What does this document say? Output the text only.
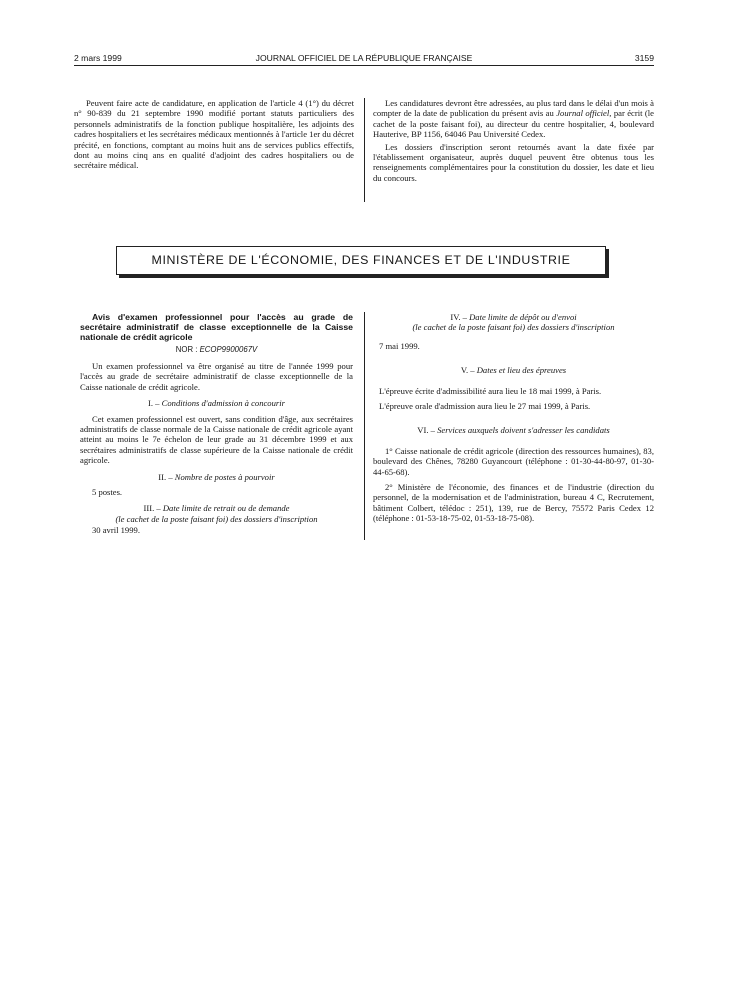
2 mars 1999	JOURNAL OFFICIEL DE LA RÉPUBLIQUE FRANÇAISE	3159

Peuvent faire acte de candidature, en application de l'article 4 (1°) du décret n° 90-839 du 21 septembre 1990 modifié portant statuts particuliers des personnels administratifs de la fonction publique hospitalière, les adjoints des cadres hospitaliers et les secrétaires médicaux mentionnés à l'article 1er du décret précité, en fonctions, comptant au moins huit ans de services publics effectifs, dont au moins cinq ans en qualité d'adjoint des cadres hospitaliers ou de secrétaire médical.

Les candidatures devront être adressées, au plus tard dans le délai d'un mois à compter de la date de publication du présent avis au Journal officiel, par écrit (le cachet de la poste faisant foi), au directeur du centre hospitalier, 4, boulevard Hauterive, BP 1156, 64046 Pau Université Cedex.

Les dossiers d'inscription seront retournés avant la date fixée par l'établissement organisateur, auprès duquel peuvent être obtenus tous les renseignements complémentaires pour la constitution du dossier, les date et lieu du concours.

MINISTÈRE DE L'ÉCONOMIE, DES FINANCES ET DE L'INDUSTRIE

Avis d'examen professionnel pour l'accès au grade de secrétaire administratif de classe exceptionnelle de la Caisse nationale de crédit agricole

NOR : ECOP9900067V

Un examen professionnel va être organisé au titre de l'année 1999 pour l'accès au grade de secrétaire administratif de classe exceptionnelle de la Caisse nationale de crédit agricole.

I. – Conditions d'admission à concourir

Cet examen professionnel est ouvert, sans condition d'âge, aux secrétaires administratifs de classe normale de la Caisse nationale de crédit agricole ayant atteint au moins le 7e échelon de leur grade au 31 décembre 1999 et aux secrétaires administratifs de classe supérieure de la Caisse nationale de crédit agricole.

II. – Nombre de postes à pourvoir

5 postes.

III. – Date limite de retrait ou de demande
(le cachet de la poste faisant foi) des dossiers d'inscription

30 avril 1999.

IV. – Date limite de dépôt ou d'envoi
(le cachet de la poste faisant foi) des dossiers d'inscription

7 mai 1999.

V. – Dates et lieu des épreuves

L'épreuve écrite d'admissibilité aura lieu le 18 mai 1999, à Paris.

L'épreuve orale d'admission aura lieu le 27 mai 1999, à Paris.

VI. – Services auxquels doivent s'adresser les candidats

1° Caisse nationale de crédit agricole (direction des ressources humaines), 83, boulevard des Chênes, 78280 Guyancourt (téléphone : 01-30-44-80-97, 01-30-44-65-68).

2° Ministère de l'économie, des finances et de l'industrie (direction du personnel, de la modernisation et de l'administration, bureau 4 C, Recrutement, bâtiment Colbert, télédoc : 251), 139, rue de Bercy, 75572 Paris Cedex 12 (téléphone : 01-53-18-75-02, 01-53-18-75-08).
